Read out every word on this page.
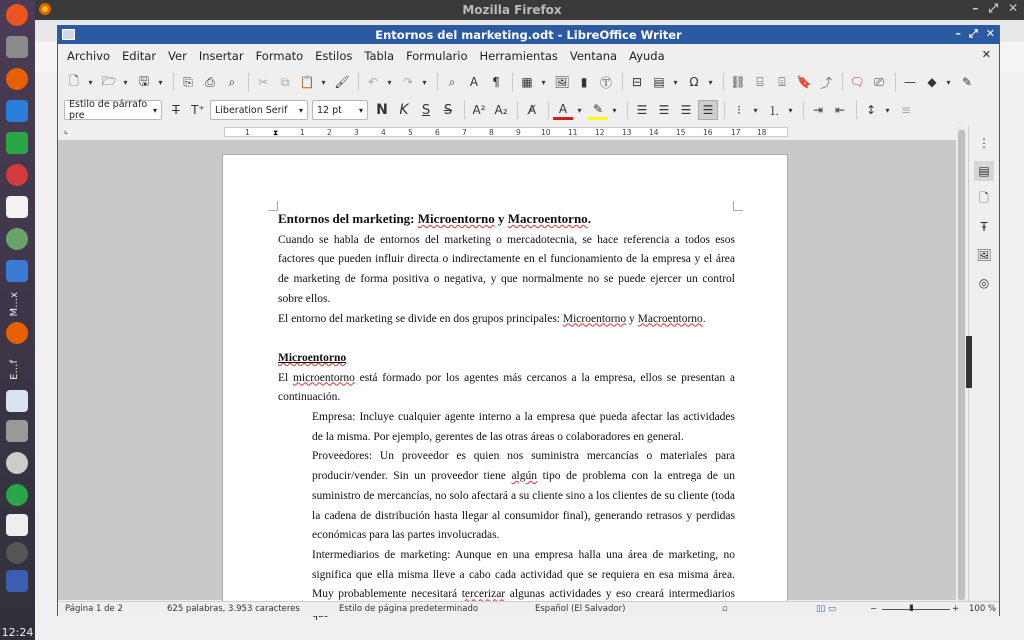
Mozilla Firefox	– ⤢ ✕
M…x
E…f
12:24
Entornos del marketing.odt - LibreOffice Writer	– ⤢ ✕
Archivo	Editar	Ver	Insertar	Formato	Estilos	Tabla	Formulario	Herramientas	Ventana	Ayuda	✕
🗋	▾ 🗁 ▾ 🖫	▾	⎘	⎙	⌕	✂	⧉ 📋 ▾ 🖌	↶	▾ ↷	▾	⌕	A	¶	▦	▾ 🖼 ▮	Ⓣ	⊟ ▤	▾ Ω	▾ ⛓ ⌸	⌹ 🔖 ⤴	🗨 ⎚	— ◆	▾ ✎
Estilo de párrafo pre	▾	T̶ T⁺	Liberation Serif ▾ 12 pt ▾ N K	S	S	A² A₂	A̸	A	▾ ✎	▾	☰ ☰ ☰ ☰	⁝	▾ ⒈	▾	⇥ ⇤	↕	▾ ≡
⌞	1	⧗	1	2	3	4	5	6	7	8	9	10 11 12 13 14 15 16 17 18

Entornos del marketing: Microentorno y Macroentorno.

Cuando se habla de entornos del marketing o mercadotecnia, se hace referencia a todos esos factores que pueden influir directa o indirectamente en el funcionamiento de la empresa y el área de marketing de forma positiva o negativa, y que normalmente no se puede ejercer un control sobre ellos.

El entorno del marketing se divide en dos grupos principales: Microentorno y Macroentorno.

Microentorno

El microentorno está formado por los agentes más cercanos a la empresa, ellos se presentan a continuación.

Empresa: Incluye cualquier agente interno a la empresa que pueda afectar las actividades de la misma. Por ejemplo, gerentes de las otras áreas o colaboradores en general.

Proveedores: Un proveedor es quien nos suministra mercancías o materiales para producir/vender. Sin un proveedor tiene algún tipo de problema con la entrega de un suministro de mercancías, no solo afectará a su cliente sino a los clientes de su cliente (toda la cadena de distribución hasta llegar al consumidor final), generando retrasos y perdidas económicas para las partes involucradas.

Intermediarios de marketing: Aunque en una empresa halla una área de marketing, no significa que ella misma lleve a cabo cada actividad que se requiera en esa misma área. Muy probablemente necesitará tercerizar algunas actividades y eso creará intermediarios

⋮
▤
🗋
Ŧ
🖼
◎
Página 1 de 2	625 palabras, 3.953 caracteres	Estilo de página predeterminado	Español (El Salvador)	▫	▯▯ ▭	−	▮	+ 100 %
